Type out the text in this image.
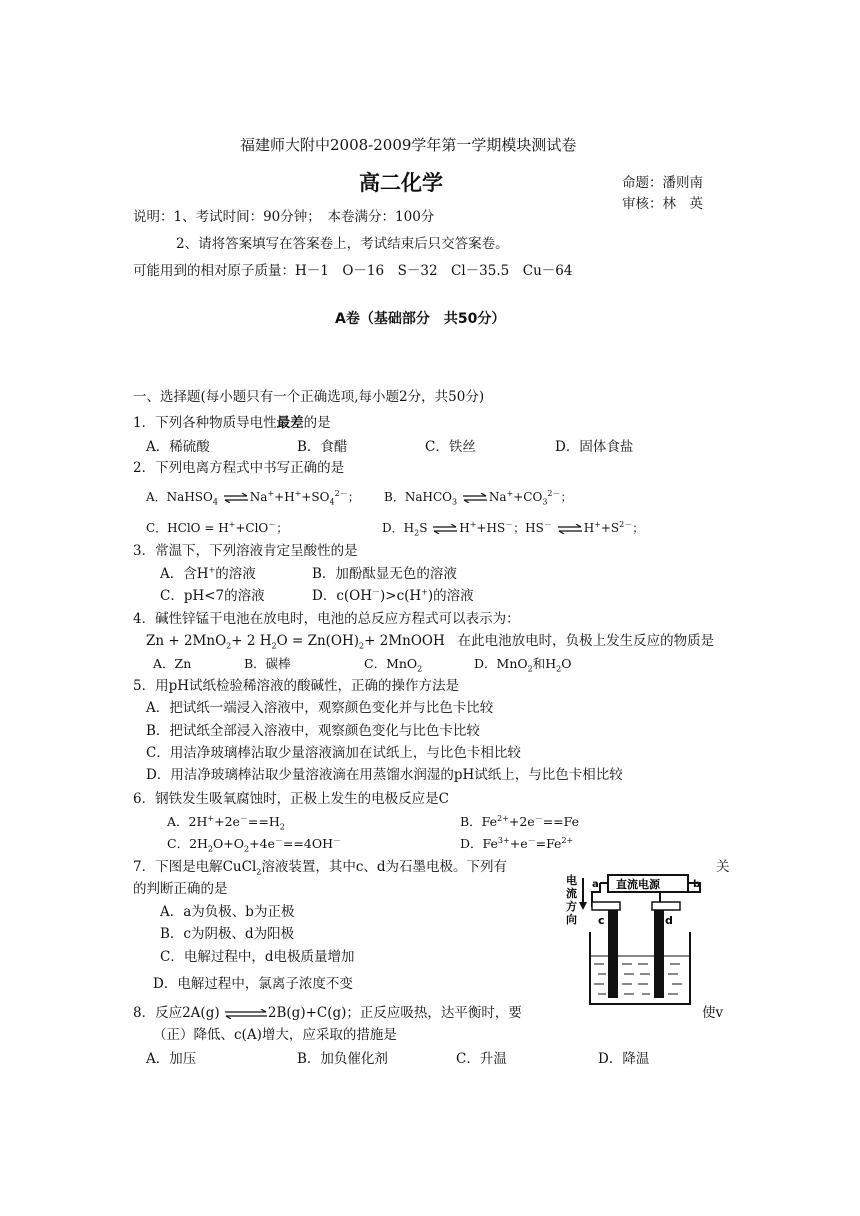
福建师大附中2008-2009学年第一学期模块测试卷
高二化学	命题：潘则南
审核：林　英
说明：1、考试时间：90分钟；　本卷满分：100分
2、请将答案填写在答案卷上，考试结束后只交答案卷。
可能用到的相对原子质量：H－1　O－16　S－32　Cl－35.5　Cu－64
A卷（基础部分　共50分）
一、选择题(每小题只有一个正确选项,每小题2分，共50分)
1．下列各种物质导电性最差的是
A．稀硫酸	B．食醋	C．铁丝	D．固体食盐
2．下列电离方程式中书写正确的是
A．NaHSO$_4$ $\rightleftharpoons Na^++H^++SO_4^{2-}$； B．NaHCO$_3$ $\rightleftharpoons Na^++CO_3^{2-}$；
C．HClO = H++ClO－；	D．$H_2S$ ⇌H++HS－；HS－ $\rightleftharpoons H^++S^{2-}$；
3．常温下，下列溶液肯定呈酸性的是
A．含H+的溶液	B．加酚酞显无色的溶液
C．pH<7的溶液	D．c(OH－)>c(H+)的溶液
4．碱性锌锰干电池在放电时，电池的总反应方程式可以表示为：
Zn + 2MnO$_2$+ 2 $H_2O = Zn(OH)_2+$ 2MnOOH   在此电池放电时，负极上发生反应的物质是
A．Zn	B．碳棒	C．MnO$_2$	D．MnO$_2$和$H_2O$
5．用pH试纸检验稀溶液的酸碱性，正确的操作方法是
A．把试纸一端浸入溶液中，观察颜色变化并与比色卡比较
B．把试纸全部浸入溶液中，观察颜色变化与比色卡比较
C．用洁净玻璃棒沾取少量溶液滴加在试纸上，与比色卡相比较
D．用洁净玻璃棒沾取少量溶液滴在用蒸馏水润湿的pH试纸上，与比色卡相比较
6．钢铁发生吸氧腐蚀时，正极上发生的电极反应是C
A．$2H^++2e^-==H_2$	B．$Fe^{2+}+2e^-==Fe$
C．$2H_2O+O_2+4e^-==4OH^-$	D．$Fe^{3+}+e^-=Fe^{2+}$
7．下图是电解CuCl$_2$溶液装置，其中c、d为石墨电极。下列有	关
的判断正确的是
A．a为负极、b为正极
B．c为阴极、d为阳极
C．电解过程中，d电极质量增加
D．电解过程中，氯离子浓度不变
电
流
方
向
a	b
直流电源
c	d
8．反应2A(g) ⇌2B(g)+C(g)；正反应吸热，达平衡时，要	使v
（正）降低、c(A)增大，应采取的措施是
A．加压	B．加负催化剂	C．升温	D．降温
